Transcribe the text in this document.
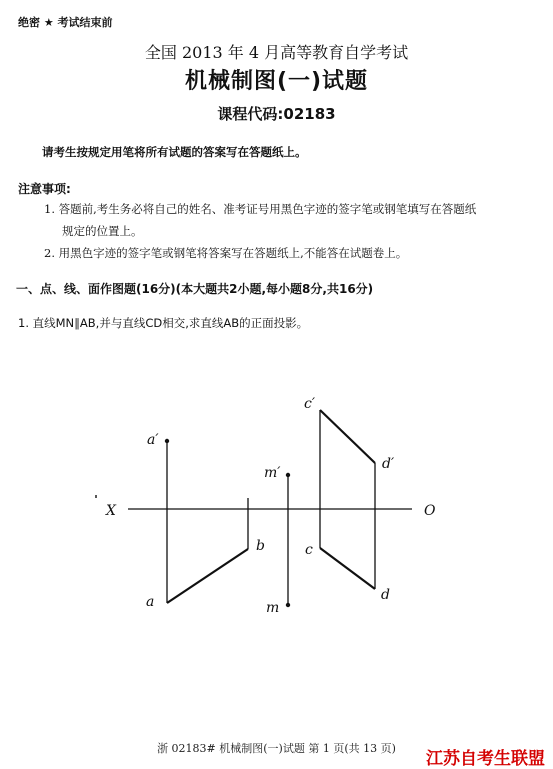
绝密 ★ 考试结束前
全国 2013 年 4 月高等教育自学考试
机械制图(一)试题
课程代码:02183
请考生按规定用笔将所有试题的答案写在答题纸上。
注意事项:
1. 答题前,考生务必将自己的姓名、准考证号用黑色字迹的签字笔或钢笔填写在答题纸
规定的位置上。
2. 用黑色字迹的签字笔或钢笔将答案写在答题纸上,不能答在试题卷上。
一、点、线、面作图题(16分)(本大题共2小题,每小题8分,共16分)
1. 直线MN∥AB,并与直线CD相交,求直线AB的正面投影。
X	O
a′
a
b
m′
m
c′
d′
c
d
浙 02183# 机械制图(一)试题 第 1 页(共 13 页)
江苏自考生联盟
